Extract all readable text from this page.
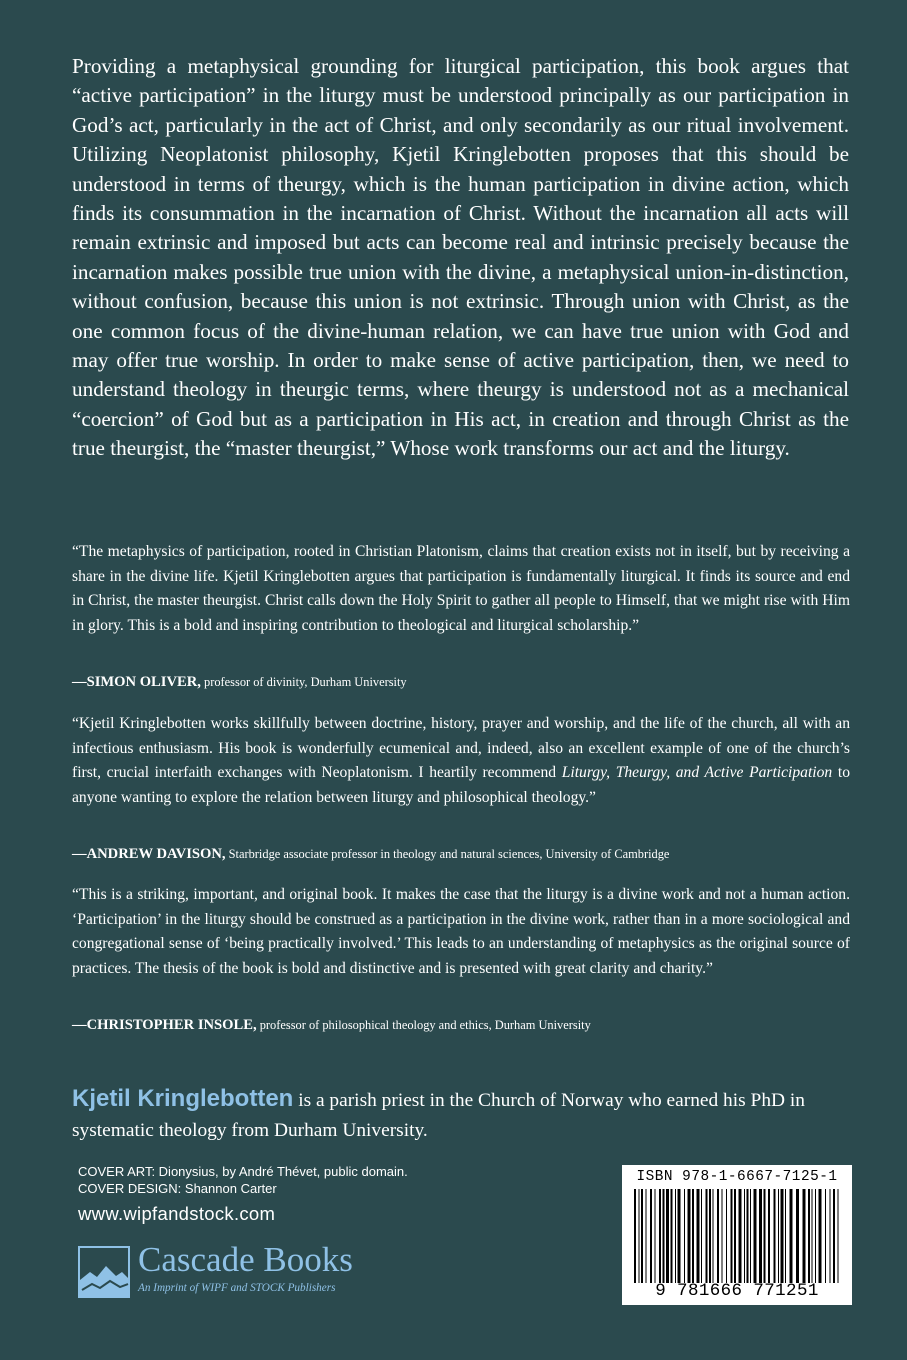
Providing a metaphysical grounding for liturgical participation, this book argues that “active participation” in the liturgy must be understood principally as our participation in God’s act, particularly in the act of Christ, and only secondarily as our ritual involvement. Utilizing Neoplatonist philosophy, Kjetil Kringlebotten proposes that this should be understood in terms of theurgy, which is the human participation in divine action, which finds its consummation in the incarnation of Christ. Without the incarnation all acts will remain extrinsic and imposed but acts can become real and intrinsic precisely because the incarnation makes possible true union with the divine, a metaphysical union-in-distinction, without confusion, because this union is not extrinsic. Through union with Christ, as the one common focus of the divine-human relation, we can have true union with God and may offer true worship. In order to make sense of active participation, then, we need to understand theology in theurgic terms, where theurgy is understood not as a mechanical “coercion” of God but as a participation in His act, in creation and through Christ as the true theurgist, the “master theurgist,” Whose work transforms our act and the liturgy.

“The metaphysics of participation, rooted in Christian Platonism, claims that creation exists not in itself, but by receiving a share in the divine life. Kjetil Kringlebotten argues that participation is fundamentally liturgical. It finds its source and end in Christ, the master theurgist. Christ calls down the Holy Spirit to gather all people to Himself, that we might rise with Him in glory. This is a bold and inspiring contribution to theological and liturgical scholarship.”

—SIMON OLIVER, professor of divinity, Durham University

“Kjetil Kringlebotten works skillfully between doctrine, history, prayer and worship, and the life of the church, all with an infectious enthusiasm. His book is wonderfully ecumenical and, indeed, also an excellent example of one of the church’s first, crucial interfaith exchanges with Neoplatonism. I heartily recommend Liturgy, Theurgy, and Active Participation to anyone wanting to explore the relation between liturgy and philosophical theology.”

—ANDREW DAVISON, Starbridge associate professor in theology and natural sciences, University of Cambridge

“This is a striking, important, and original book. It makes the case that the liturgy is a divine work and not a human action. ‘Participation’ in the liturgy should be construed as a participation in the divine work, rather than in a more sociological and congregational sense of ‘being practically involved.’ This leads to an understanding of metaphysics as the original source of practices. The thesis of the book is bold and distinctive and is presented with great clarity and charity.”

—CHRISTOPHER INSOLE, professor of philosophical theology and ethics, Durham University

Kjetil Kringlebotten is a parish priest in the Church of Norway who earned his PhD in systematic theology from Durham University.

COVER ART: Dionysius, by André Thévet, public domain.
COVER DESIGN: Shannon Carter

www.wipfandstock.com
Cascade Books
An Imprint of WIPF and STOCK Publishers
ISBN 978-1-6667-7125-1
9 781666 771251
